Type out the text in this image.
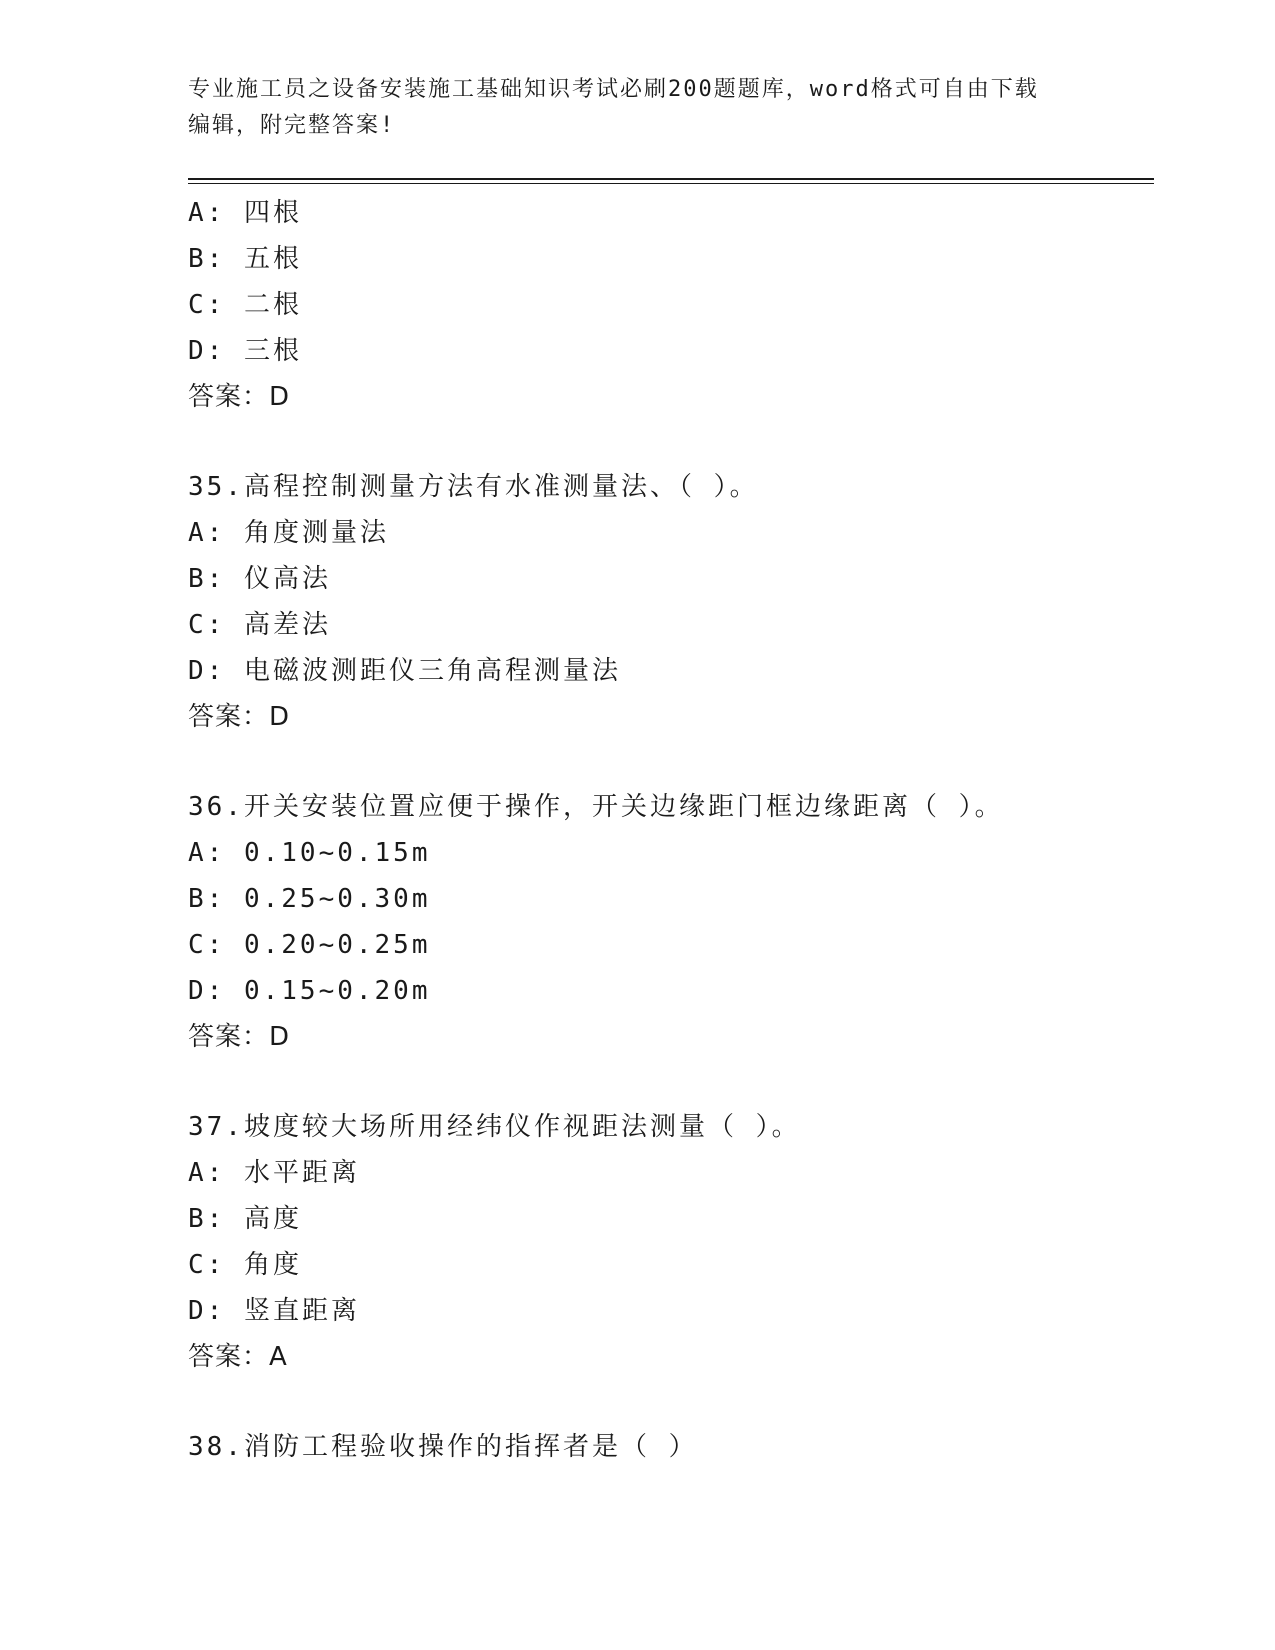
专业施工员之设备安装施工基础知识考试必刷200题题库，word格式可自由下载
编辑，附完整答案!
A: 四根
B: 五根
C: 二根
D: 三根
答案：D
35.高程控制测量方法有水准测量法、（ ）。
A: 角度测量法
B: 仪高法
C: 高差法
D: 电磁波测距仪三角高程测量法
答案：D
36.开关安装位置应便于操作，开关边缘距门框边缘距离（ ）。
A: 0.10~0.15m
B: 0.25~0.30m
C: 0.20~0.25m
D: 0.15~0.20m
答案：D
37.坡度较大场所用经纬仪作视距法测量（ ）。
A: 水平距离
B: 高度
C: 角度
D: 竖直距离
答案：A
38.消防工程验收操作的指挥者是（ ）
